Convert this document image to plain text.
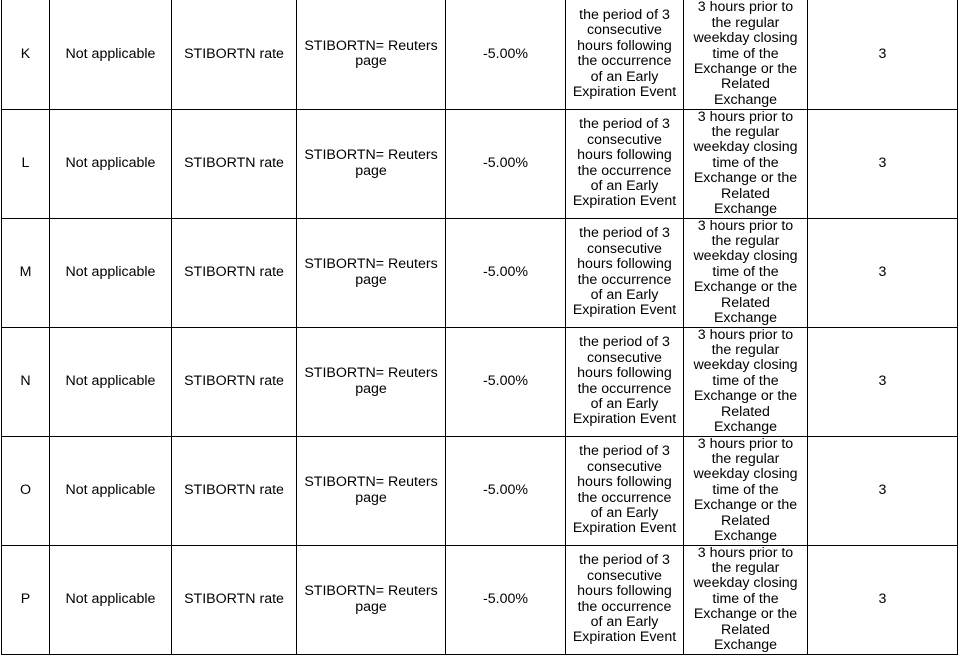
K	Not applicable	STIBORTN rate	STIBORTN= Reuters page	-5.00%	the period of 3 consecutive hours following the occurrence of an Early Expiration Event	3 hours prior to the regular weekday closing time of the Exchange or the Related Exchange	3
L	Not applicable	STIBORTN rate	STIBORTN= Reuters page	-5.00%	the period of 3 consecutive hours following the occurrence of an Early Expiration Event	3 hours prior to the regular weekday closing time of the Exchange or the Related Exchange	3
M	Not applicable	STIBORTN rate	STIBORTN= Reuters page	-5.00%	the period of 3 consecutive hours following the occurrence of an Early Expiration Event	3 hours prior to the regular weekday closing time of the Exchange or the Related Exchange	3
N	Not applicable	STIBORTN rate	STIBORTN= Reuters page	-5.00%	the period of 3 consecutive hours following the occurrence of an Early Expiration Event	3 hours prior to the regular weekday closing time of the Exchange or the Related Exchange	3
O	Not applicable	STIBORTN rate	STIBORTN= Reuters page	-5.00%	the period of 3 consecutive hours following the occurrence of an Early Expiration Event	3 hours prior to the regular weekday closing time of the Exchange or the Related Exchange	3
P	Not applicable	STIBORTN rate	STIBORTN= Reuters page	-5.00%	the period of 3 consecutive hours following the occurrence of an Early Expiration Event	3 hours prior to the regular weekday closing time of the Exchange or the Related Exchange	3
